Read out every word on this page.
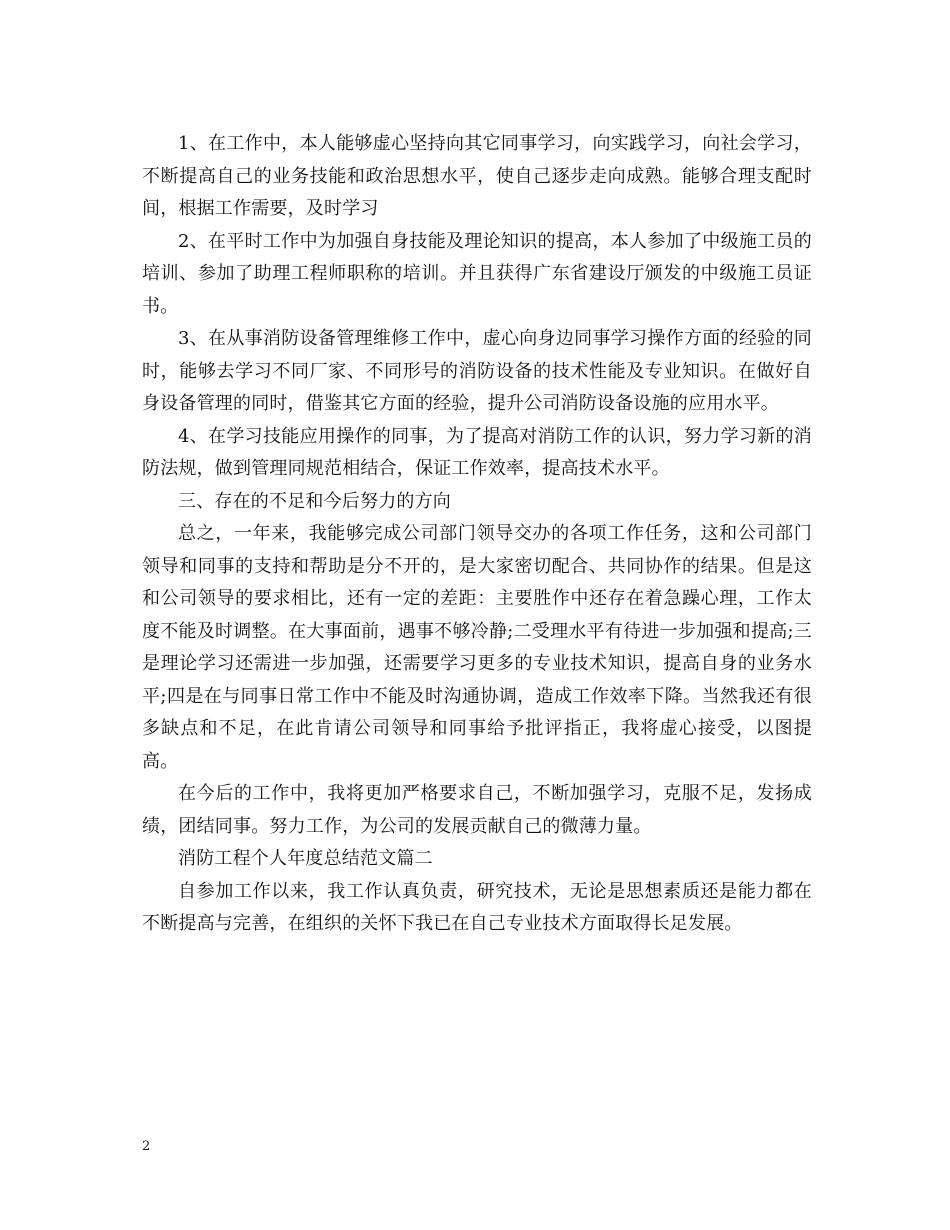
1、在工作中，本人能够虚心坚持向其它同事学习，向实践学习，向社会学习，不断提高自己的业务技能和政治思想水平，使自己逐步走向成熟。能够合理支配时间，根据工作需要，及时学习

2、在平时工作中为加强自身技能及理论知识的提高，本人参加了中级施工员的培训、参加了助理工程师职称的培训。并且获得广东省建设厅颁发的中级施工员证书。

3、在从事消防设备管理维修工作中，虚心向身边同事学习操作方面的经验的同时，能够去学习不同厂家、不同形号的消防设备的技术性能及专业知识。在做好自身设备管理的同时，借鉴其它方面的经验，提升公司消防设备设施的应用水平。

4、在学习技能应用操作的同事，为了提高对消防工作的认识，努力学习新的消防法规，做到管理同规范相结合，保证工作效率，提高技术水平。

三、存在的不足和今后努力的方向

总之，一年来，我能够完成公司部门领导交办的各项工作任务，这和公司部门领导和同事的支持和帮助是分不开的，是大家密切配合、共同协作的结果。但是这和公司领导的要求相比，还有一定的差距：主要胜作中还存在着急躁心理，工作太度不能及时调整。在大事面前，遇事不够冷静;二受理水平有待进一步加强和提高;三是理论学习还需进一步加强，还需要学习更多的专业技术知识，提高自身的业务水平;四是在与同事日常工作中不能及时沟通协调，造成工作效率下降。当然我还有很多缺点和不足，在此肯请公司领导和同事给予批评指正，我将虚心接受，以图提高。

在今后的工作中，我将更加严格要求自己，不断加强学习，克服不足，发扬成绩，团结同事。努力工作，为公司的发展贡献自己的微薄力量。

消防工程个人年度总结范文篇二

自参加工作以来，我工作认真负责，研究技术，无论是思想素质还是能力都在不断提高与完善，在组织的关怀下我已在自己专业技术方面取得长足发展。

2
